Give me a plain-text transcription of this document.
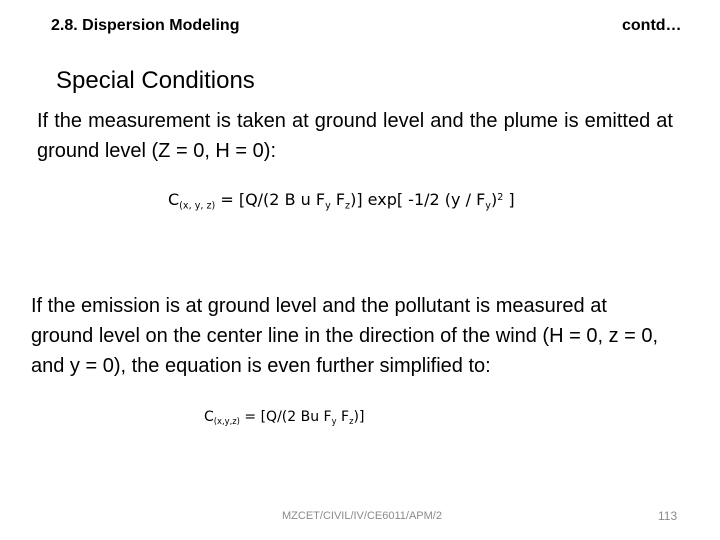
2.8. Dispersion Modeling	contd…
Special Conditions
If the measurement is taken at ground level and the plume is emitted at ground level (Z = 0, H = 0):
$C_{(x, y, z)} = [Q/(2$ B u $F_y$ $F_z$)] exp[ -1/2 $(y / F_y)^2$ ]
If the emission is at ground level and the pollutant is measured at ground level on the center line in the direction of the wind (H = 0, z = 0, and y = 0), the equation is even further simplified to:
$C_{(x,y,z)} = [Q/(2$ Bu $F_y$ $F_z$)]
MZCET/CIVIL/IV/CE6011/APM/2	113
